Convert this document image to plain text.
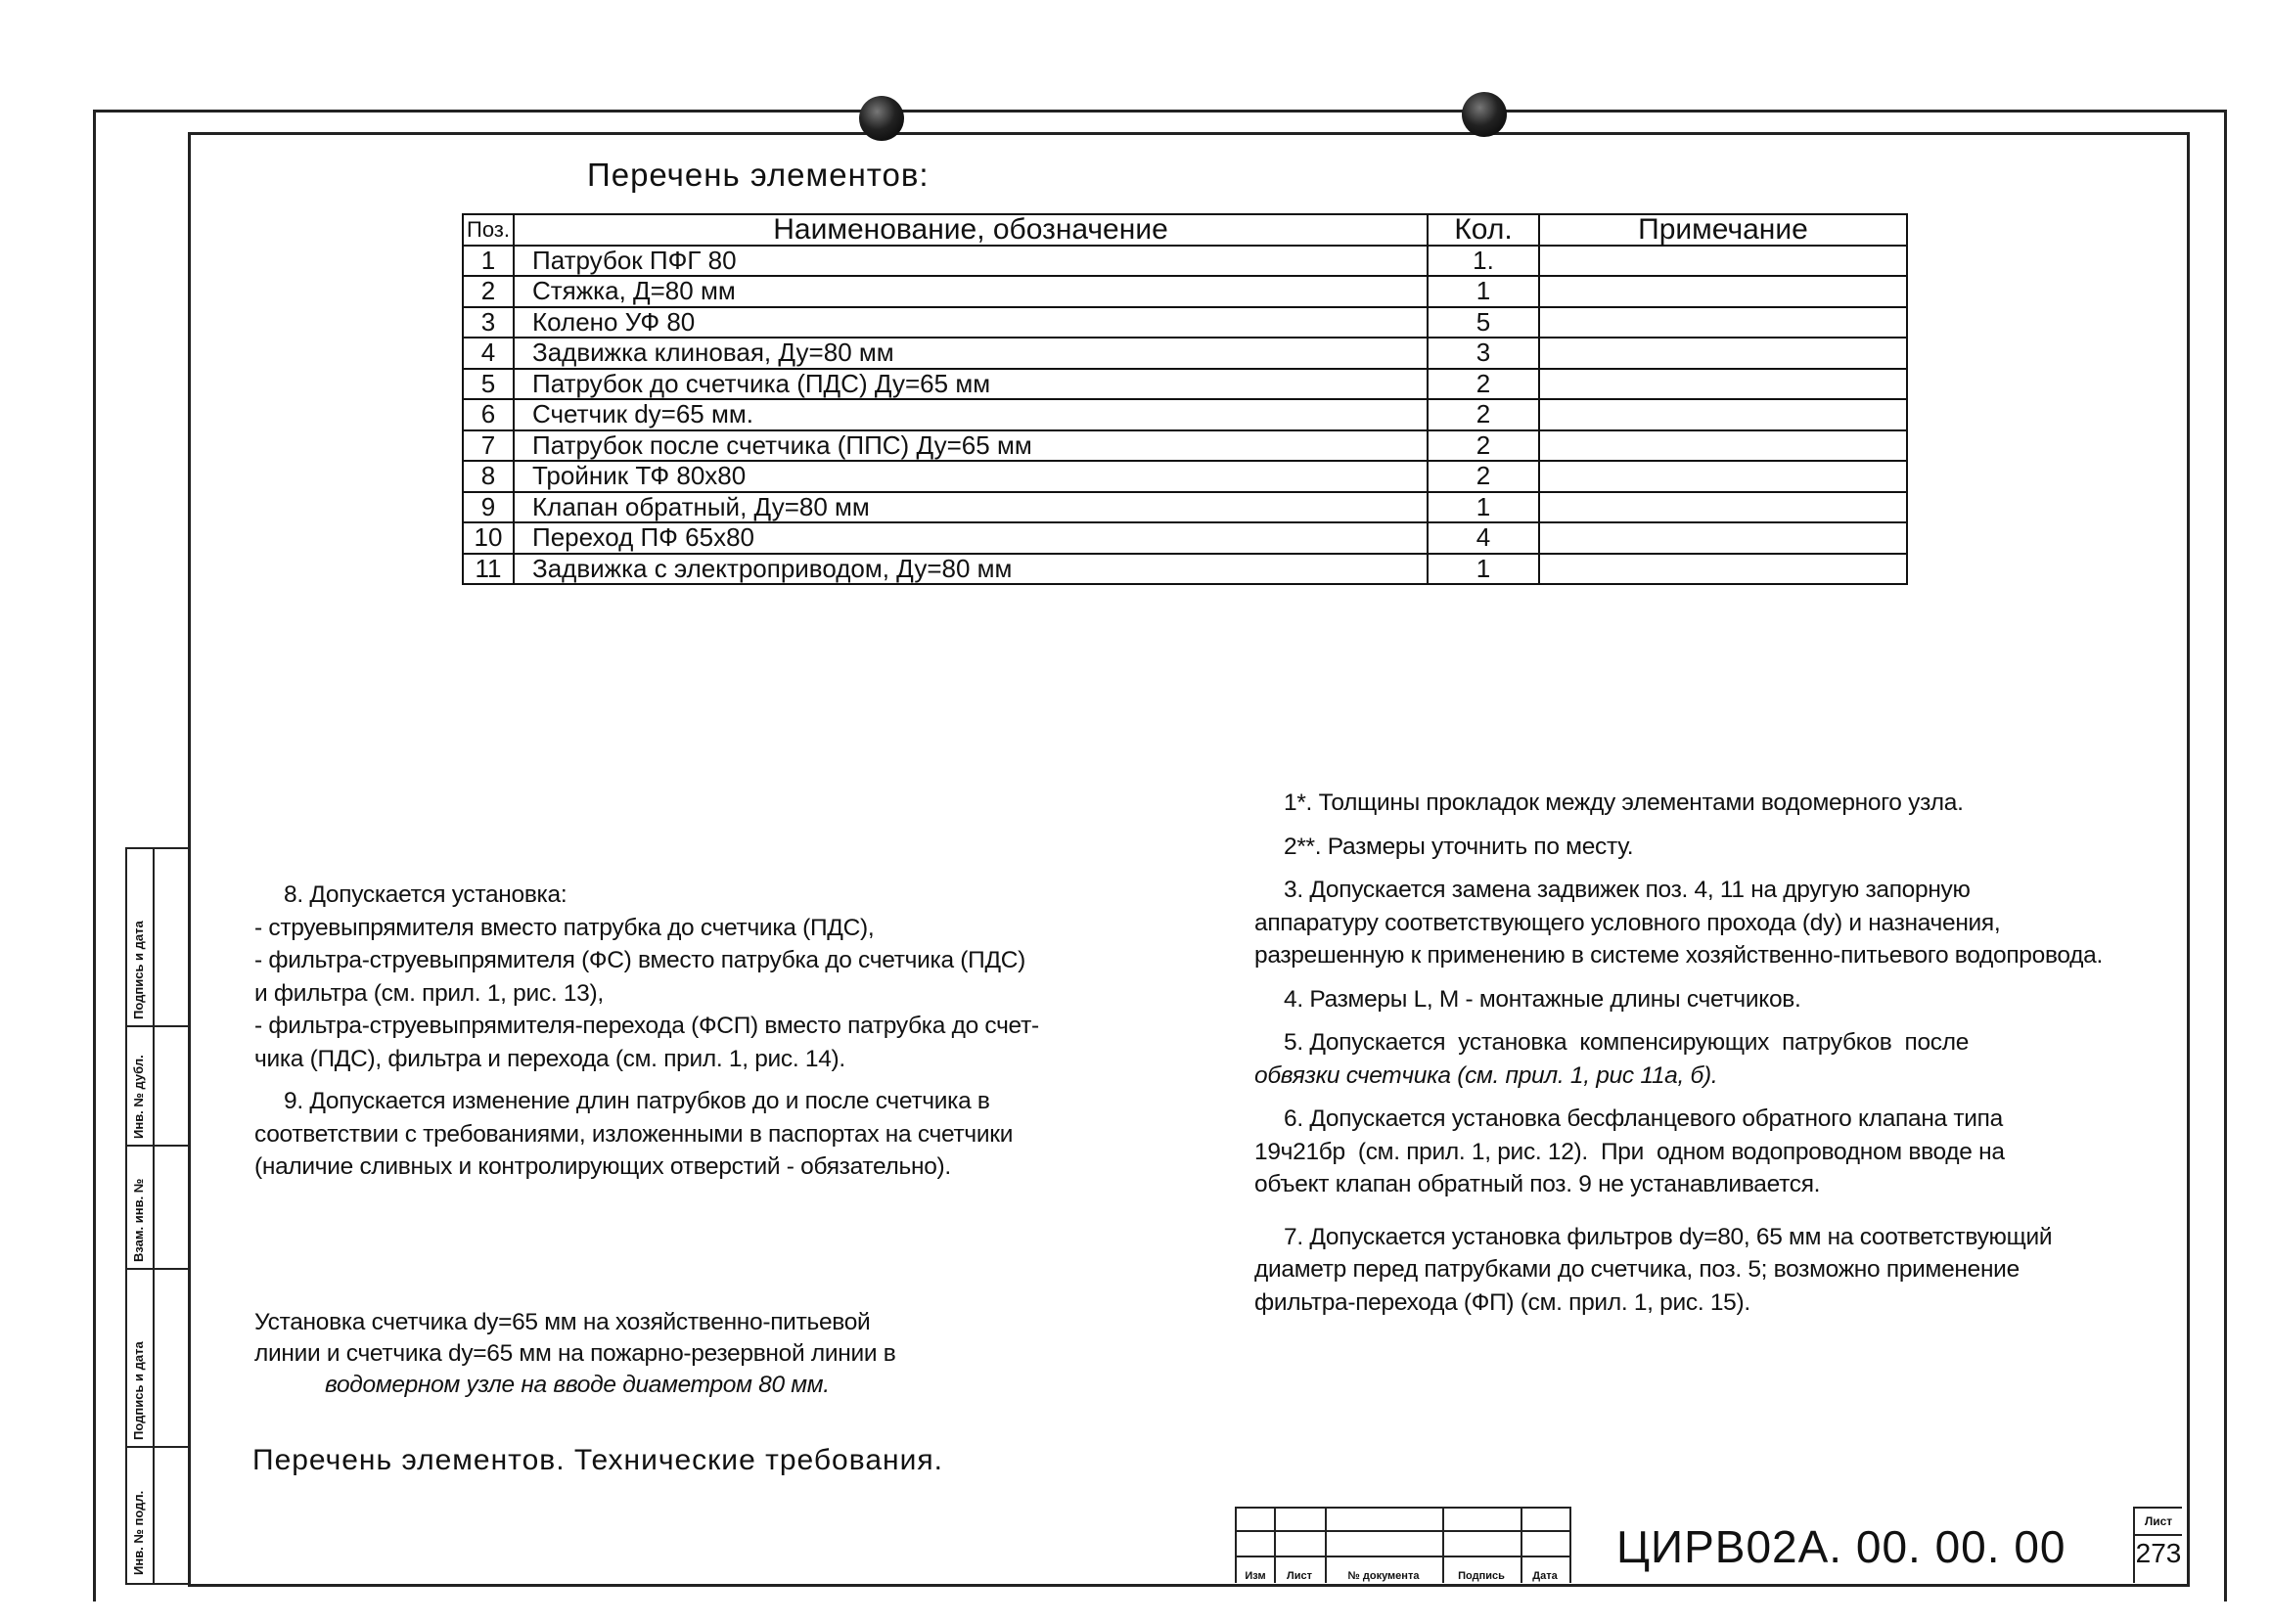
Перечень элементов:
Поз.	Наименование, обозначение	Кол.	Примечание
1	Патрубок ПФГ 80	1.	
2	Стяжка, Д=80 мм	1	
3	Колено УФ 80	5	
4	Задвижка клиновая, Ду=80 мм	3	
5	Патрубок до счетчика (ПДС) Ду=65 мм	2	
6	Счетчик dу=65 мм.	2	
7	Патрубок после счетчика (ППС) Ду=65 мм	2	
8	Тройник ТФ 80х80	2	
9	Клапан обратный, Ду=80 мм	1	
10	Переход ПФ 65х80	4	
11	Задвижка с электроприводом, Ду=80 мм	1	

8. Допускается установка:

- струевыпрямителя вместо патрубка до счетчика (ПДС),

- фильтра-струевыпрямителя (ФС) вместо патрубка до счетчика (ПДС)

и фильтра (см. прил. 1, рис. 13),

- фильтра-струевыпрямителя-перехода (ФСП) вместо патрубка до счет-

чика (ПДС), фильтра и перехода (см. прил. 1, рис. 14).

9. Допускается изменение длин патрубков до и после счетчика в

соответствии с требованиями, изложенными в паспортах на счетчики

(наличие сливных и контролирующих отверстий - обязательно).

1*. Толщины прокладок между элементами водомерного узла.

2**. Размеры уточнить по месту.

3. Допускается замена задвижек поз. 4, 11 на другую запорную
аппаратуру соответствующего условного прохода (dу) и назначения,
разрешенную к применению в системе хозяйственно-питьевого водопровода.

4. Размеры L, М - монтажные длины счетчиков.

5. Допускается  установка  компенсирующих  патрубков  после
обвязки счетчика (см. прил. 1, рис 11а, б).

6. Допускается установка бесфланцевого обратного клапана типа
19ч21бр  (см. прил. 1, рис. 12).  При  одном водопроводном вводе на
объект клапан обратный поз. 9 не устанавливается.

7. Допускается установка фильтров dу=80, 65 мм на соответствующий
диаметр перед патрубками до счетчика, поз. 5; возможно применение
фильтра-перехода (ФП) (см. прил. 1, рис. 15).

Установка счетчика dу=65 мм на хозяйственно-питьевой
линии и счетчика dу=65 мм на пожарно-резервной линии в
водомерном узле на вводе диаметром 80 мм.
Перечень элементов. Технические требования.
Подпись и дата
Инв. № дубл.
Взам. инв. №
Подпись и дата
Инв. № подл.
Изм	Лист	№ документа	Подпись	Дата
ЦИРВ02А. 00. 00. 00	Лист
273
